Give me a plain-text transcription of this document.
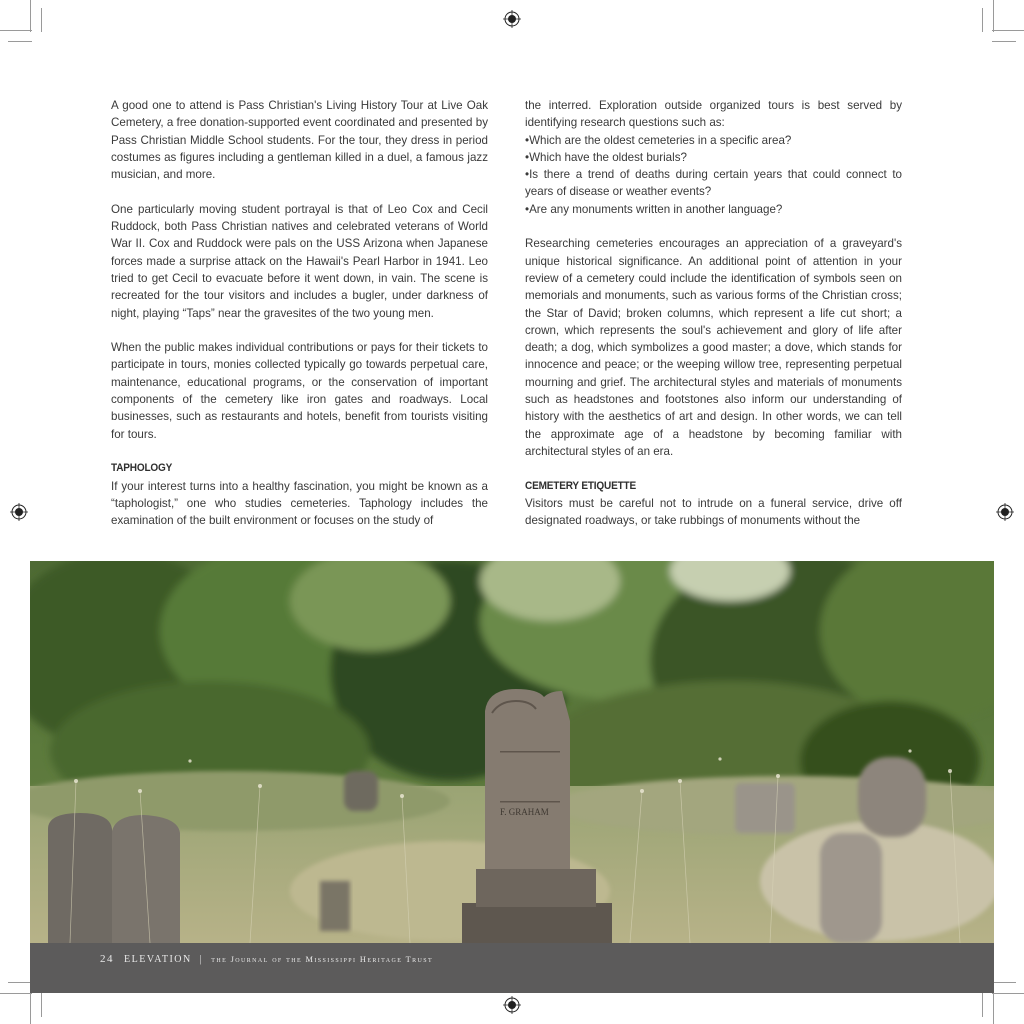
A good one to attend is Pass Christian's Living History Tour at Live Oak Cemetery, a free donation-supported event coordinated and presented by Pass Christian Middle School students. For the tour, they dress in period costumes as figures including a gentleman killed in a duel, a famous jazz musician, and more.

One particularly moving student portrayal is that of Leo Cox and Cecil Ruddock, both Pass Christian natives and celebrated veterans of World War II. Cox and Ruddock were pals on the USS Arizona when Japanese forces made a surprise attack on the Hawaii's Pearl Harbor in 1941. Leo tried to get Cecil to evacuate before it went down, in vain. The scene is recreated for the tour visitors and includes a bugler, under darkness of night, playing “Taps” near the gravesites of the two young men.

When the public makes individual contributions or pays for their tickets to participate in tours, monies collected typically go towards perpetual care, maintenance, educational programs, or the conservation of important components of the cemetery like iron gates and roadways. Local businesses, such as restaurants and hotels, benefit from tourists visiting for tours.

TAPHOLOGY

If your interest turns into a healthy fascination, you might be known as a “taphologist,” one who studies cemeteries. Taphology includes the examination of the built environment or focuses on the study of

the interred. Exploration outside organized tours is best served by identifying research questions such as:

• Which are the oldest cemeteries in a specific area?
• Which have the oldest burials?
• Is there a trend of deaths during certain years that could connect to years of disease or weather events?
• Are any monuments written in another language?

Researching cemeteries encourages an appreciation of a graveyard's unique historical significance. An additional point of attention in your review of a cemetery could include the identification of symbols seen on memorials and monuments, such as various forms of the Christian cross; the Star of David; broken columns, which represent a life cut short; a crown, which represents the soul's achievement and glory of life after death; a dog, which symbolizes a good master; a dove, which stands for innocence and peace; or the weeping willow tree, representing perpetual mourning and grief. The architectural styles and materials of monuments such as headstones and footstones also inform our understanding of history with the aesthetics of art and design. In other words, we can tell the approximate age of a headstone by becoming familiar with architectural styles of an era.

CEMETERY ETIQUETTE

Visitors must be careful not to intrude on a funeral service, drive off designated roadways, or take rubbings of monuments without the

F. GRAHAM
24 ELEVATION | the Journal of the Mississippi Heritage Trust
